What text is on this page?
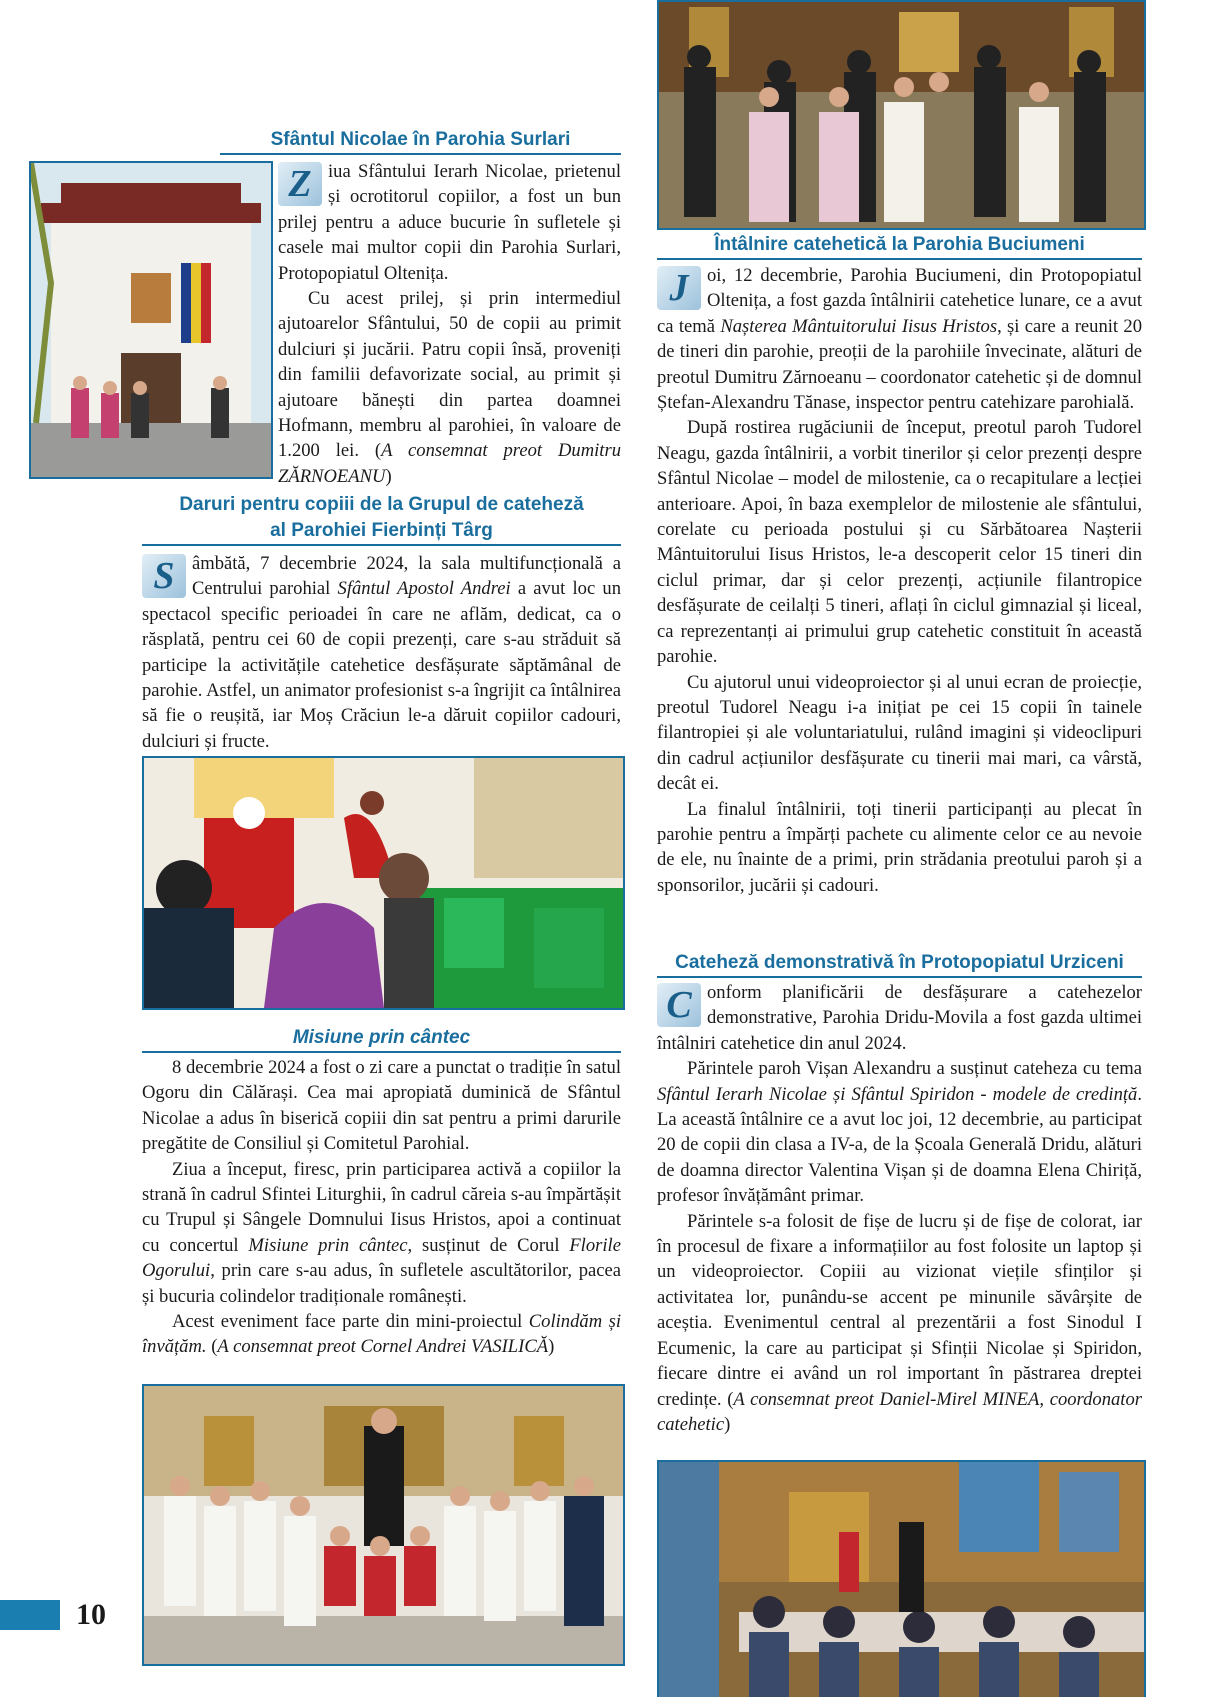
Sfântul Nicolae în Parohia Surlari

Z iua Sfântului Ierarh Nicolae, prietenul și ocrotitorul copiilor, a fost un bun prilej pentru a aduce bucurie în sufletele și casele mai multor copii din Parohia Surlari, Protopopiatul Oltenița.

Cu acest prilej, și prin intermediul ajutoarelor Sfântului, 50 de copii au primit dulciuri și jucării. Patru copii însă, proveniți din familii defavorizate social, au primit și ajutoare bănești din partea doamnei Hofmann, membru al parohiei, în valoare de 1.200 lei. (A consemnat preot Dumitru ZĂRNOEANU)

Daruri pentru copiii de la Grupul de cateheză
al Parohiei Fierbinți Târg

S âmbătă, 7 decembrie 2024, la sala multifuncțională a Centrului parohial Sfântul Apostol Andrei a avut loc un spectacol specific perioadei în care ne aflăm, dedicat, ca o răsplată, pentru cei 60 de copii prezenți, care s-au străduit să participe la activitățile catehetice desfășurate săptămânal de parohie. Astfel, un animator profesionist s-a îngrijit ca întâlnirea să fie o reușită, iar Moș Crăciun le-a dăruit copiilor cadouri, dulciuri și fructe.

Misiune prin cântec

8 decembrie 2024 a fost o zi care a punctat o tradiție în satul Ogoru din Călărași. Cea mai apropiată duminică de Sfântul Nicolae a adus în biserică copiii din sat pentru a primi darurile pregătite de Consiliul și Comitetul Parohial.

Ziua a început, firesc, prin participarea activă a copiilor la strană în cadrul Sfintei Liturghii, în cadrul căreia s-au împărtășit cu Trupul și Sângele Domnului Iisus Hristos, apoi a continuat cu concertul Misiune prin cântec, susținut de Corul Florile Ogorului, prin care s-au adus, în sufletele ascultătorilor, pacea și bucuria colindelor tradiționale românești.

Acest eveniment face parte din mini-proiectul Colindăm și învățăm. (A consemnat preot Cornel Andrei VASILICĂ)

Întâlnire catehetică la Parohia Buciumeni

J oi, 12 decembrie, Parohia Buciumeni, din Protopopiatul Oltenița, a fost gazda întâlnirii catehetice lunare, ce a avut ca temă Nașterea Mântuitorului Iisus Hristos, și care a reunit 20 de tineri din parohie, preoții de la parohiile învecinate, alături de preotul Dumitru Zărnoeanu – coordonator catehetic și de domnul Ștefan-Alexandru Tănase, inspector pentru catehizare parohială.

După rostirea rugăciunii de început, preotul paroh Tudorel Neagu, gazda întâlnirii, a vorbit tinerilor și celor prezenți despre Sfântul Nicolae – model de milostenie, ca o recapitulare a lecției anterioare. Apoi, în baza exemplelor de milostenie ale sfântului, corelate cu perioada postului și cu Sărbătoarea Nașterii Mântuitorului Iisus Hristos, le-a descoperit celor 15 tineri din ciclul primar, dar și celor prezenți, acțiunile filantropice desfășurate de ceilalți 5 tineri, aflați în ciclul gimnazial și liceal, ca reprezentanți ai primului grup catehetic constituit în această parohie.

Cu ajutorul unui videoproiector și al unui ecran de proiecție, preotul Tudorel Neagu i-a inițiat pe cei 15 copii în tainele filantropiei și ale voluntariatului, rulând imagini și videoclipuri din cadrul acțiunilor desfășurate cu tinerii mai mari, ca vârstă, decât ei.

La finalul întâlnirii, toți tinerii participanți au plecat în parohie pentru a împărți pachete cu alimente celor ce au nevoie de ele, nu înainte de a primi, prin strădania preotului paroh și a sponsorilor, jucării și cadouri.

Cateheză demonstrativă în Protopopiatul Urziceni

C onform planificării de desfășurare a catehezelor demonstrative, Parohia Dridu-Movila a fost gazda ultimei întâlniri catehetice din anul 2024.

Părintele paroh Vișan Alexandru a susținut cateheza cu tema Sfântul Ierarh Nicolae și Sfântul Spiridon - modele de credință. La această întâlnire ce a avut loc joi, 12 decembrie, au participat 20 de copii din clasa a IV-a, de la Școala Generală Dridu, alături de doamna director Valentina Vișan și de doamna Elena Chiriță, profesor învățământ primar.

Părintele s-a folosit de fișe de lucru și de fișe de colorat, iar în procesul de fixare a informațiilor au fost folosite un laptop și un videoproiector. Copiii au vizionat viețile sfinților și activitatea lor, punându-se accent pe minunile săvârșite de aceștia. Evenimentul central al prezentării a fost Sinodul I Ecumenic, la care au participat și Sfinții Nicolae și Spiridon, fiecare dintre ei având un rol important în păstrarea dreptei credințe. (A consemnat preot Daniel-Mirel MINEA, coordonator catehetic)

10
